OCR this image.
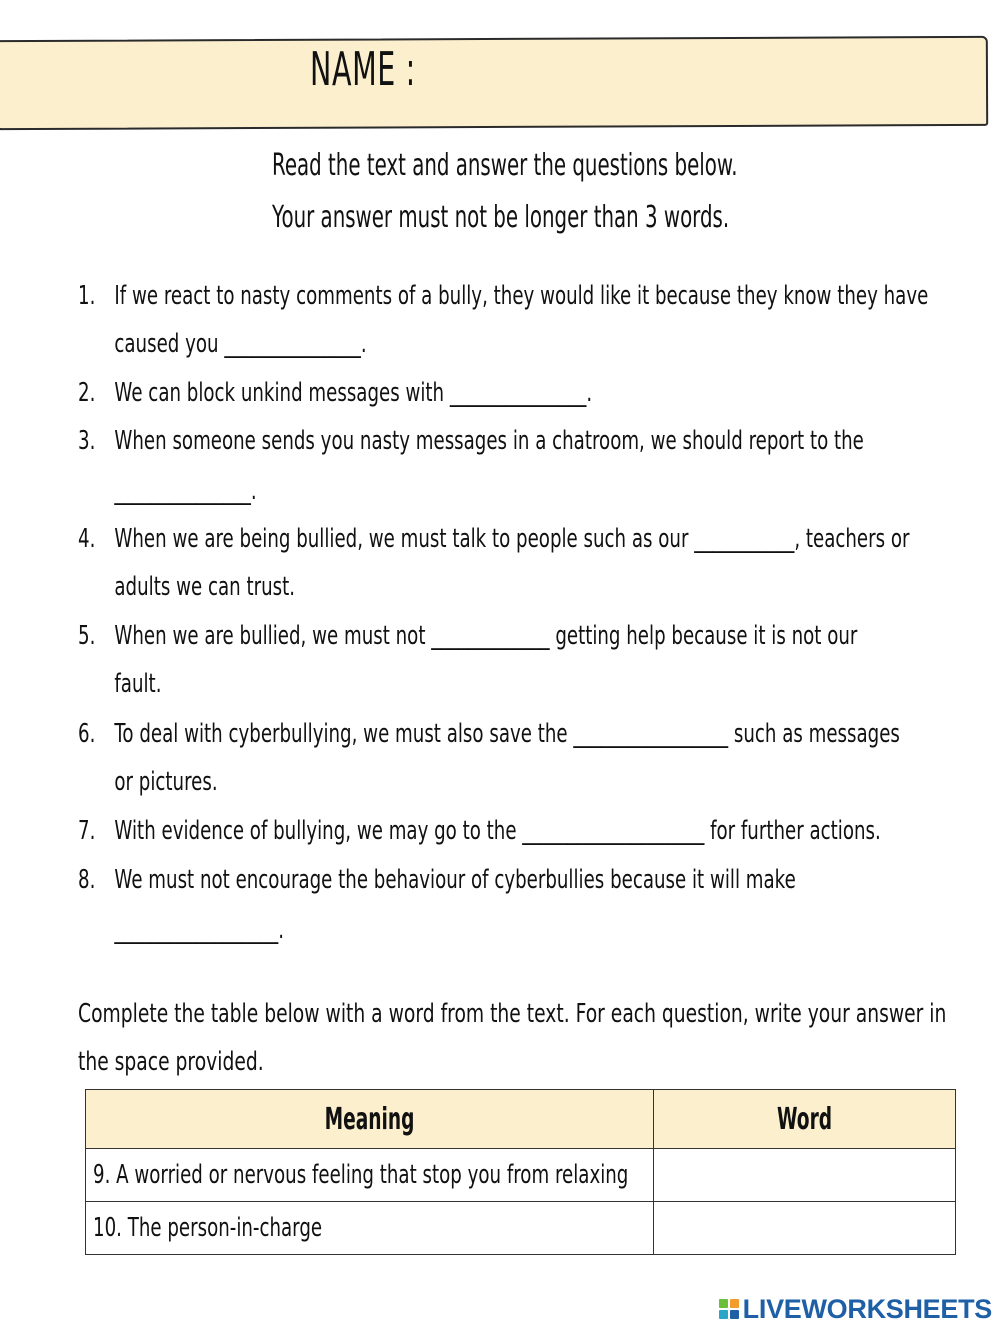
NAME :
Read the text and answer the questions below.
Your answer must not be longer than 3 words.
1. If we react to nasty comments of a bully, they would like it because they know they have
caused you _______________.
2. We can block unkind messages with _______________.
3. When someone sends you nasty messages in a chatroom, we should report to the
_______________.
4. When we are being bullied, we must talk to people such as our ___________, teachers or
adults we can trust.
5. When we are bullied, we must not _____________ getting help because it is not our
fault.
6. To deal with cyberbullying, we must also save the _________________ such as messages
or pictures.
7. With evidence of bullying, we may go to the ____________________ for further actions.
8. We must not encourage the behaviour of cyberbullies because it will make
__________________.
Complete the table below with a word from the text. For each question, write your answer in
the space provided.
Meaning	Word

9. A worried or nervous feeling that stop you from relaxing	

10. The person-in-charge	

LIVEWORKSHEETS
